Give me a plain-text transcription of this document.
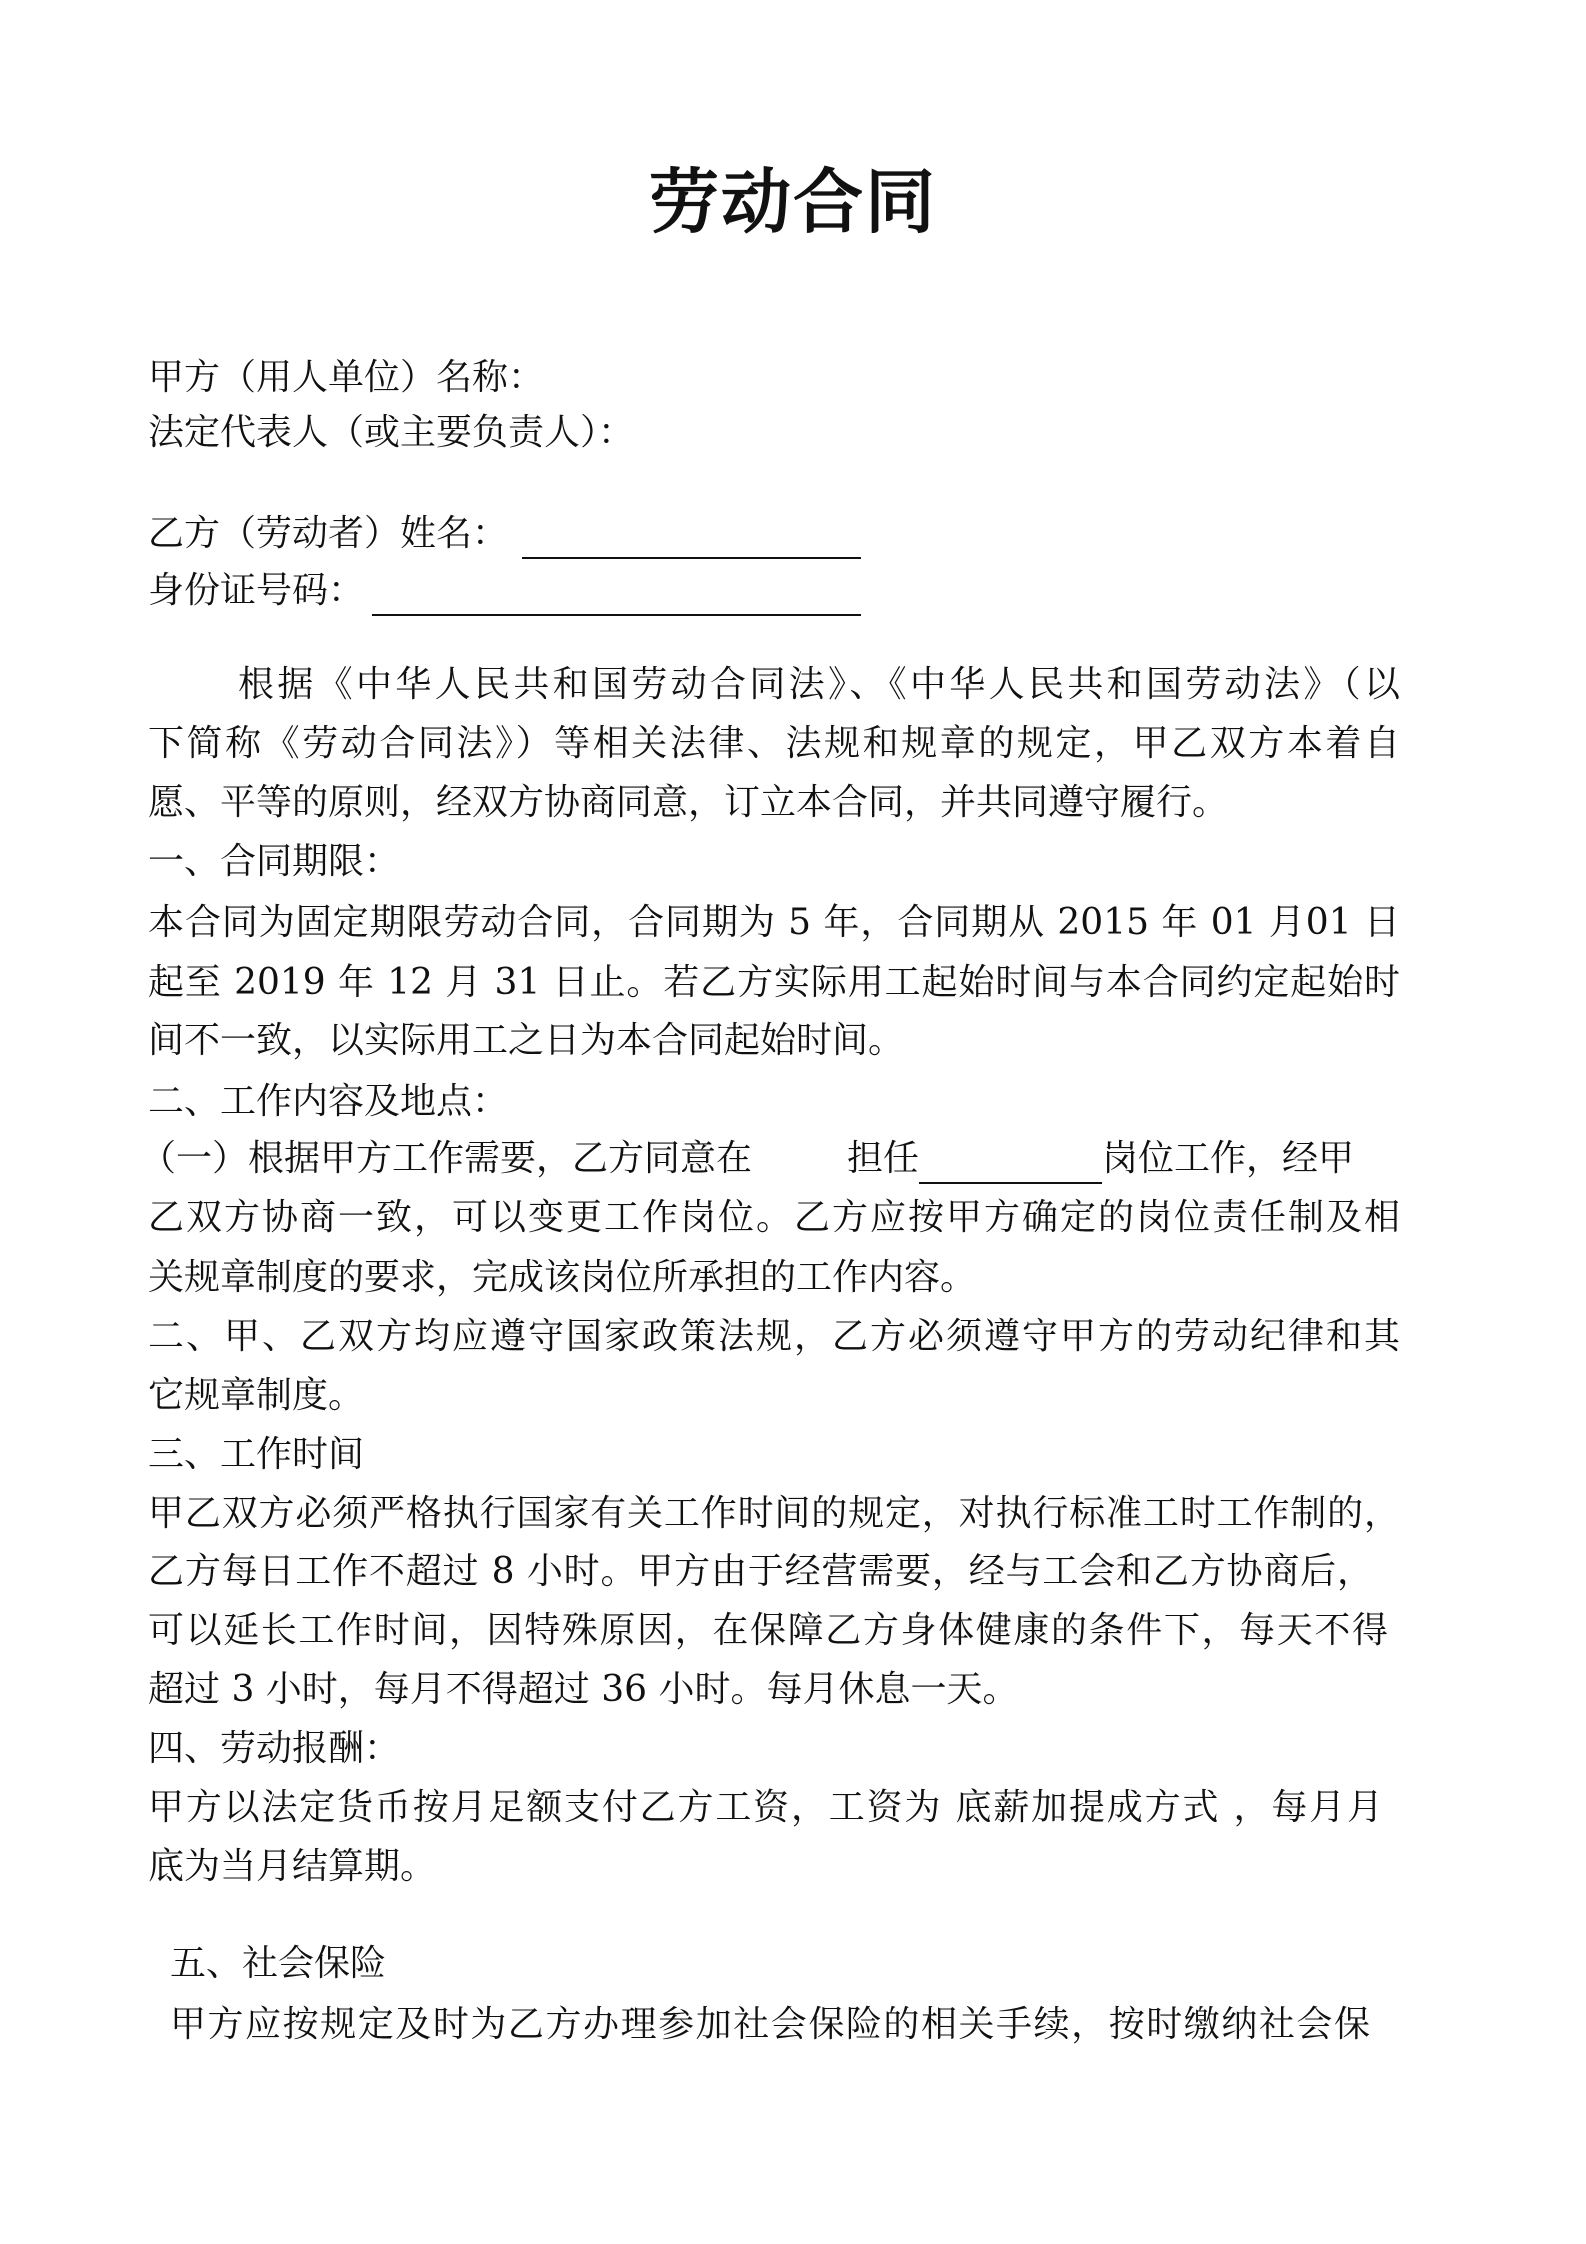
劳动合同
甲方（用人单位）名称：
法定代表人（或主要负责人）：
乙方（劳动者）姓名：
身份证号码：
根据《中华人民共和国劳动合同法》、《中华人民共和国劳动法》（以
下简称《劳动合同法》）等相关法律、法规和规章的规定，甲乙双方本着自
愿、平等的原则，经双方协商同意，订立本合同，并共同遵守履行。
一、合同期限：
本合同为固定期限劳动合同，合同期为 5 年，合同期从 2015 年 01 月01 日
起至 2019 年 12 月 31 日止。若乙方实际用工起始时间与本合同约定起始时
间不一致，以实际用工之日为本合同起始时间。
二、工作内容及地点：
（一）根据甲方工作需要，乙方同意在	担任	岗位工作，经甲
乙双方协商一致，可以变更工作岗位。乙方应按甲方确定的岗位责任制及相
关规章制度的要求，完成该岗位所承担的工作内容。
二、甲、乙双方均应遵守国家政策法规，乙方必须遵守甲方的劳动纪律和其
它规章制度。
三、工作时间
甲乙双方必须严格执行国家有关工作时间的规定，对执行标准工时工作制的，
乙方每日工作不超过 8 小时。甲方由于经营需要，经与工会和乙方协商后，
可以延长工作时间，因特殊原因，在保障乙方身体健康的条件下，每天不得
超过 3 小时，每月不得超过 36 小时。每月休息一天。
四、劳动报酬：
甲方以法定货币按月足额支付乙方工资，工资为 底薪加提成方式 ，每月月
底为当月结算期。
五、社会保险
甲方应按规定及时为乙方办理参加社会保险的相关手续，按时缴纳社会保
